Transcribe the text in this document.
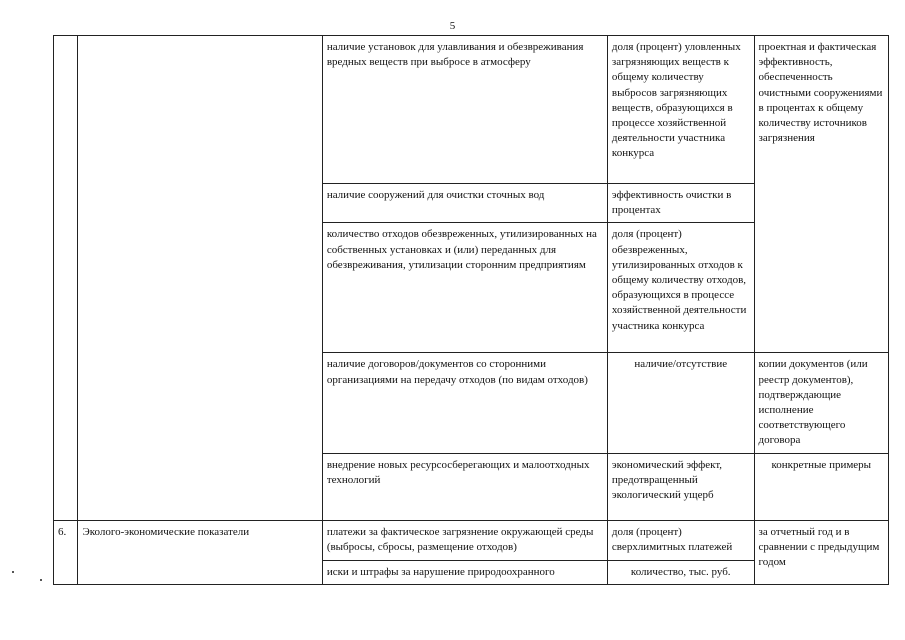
5
		наличие установок для улавливания и обезвреживания вредных веществ при выбросе в атмосферу	доля (процент) уловленных загрязняющих веществ к общему количеству выбросов загрязняющих веществ, образующихся в процессе хозяйственной деятельности участника конкурса	проектная и фактическая эффективность, обеспеченность очистными сооружениями в процентах к общему количеству источников загрязнения
		наличие сооружений для очистки сточных вод	эффективность очистки в процентах	
		количество отходов обезвреженных, утилизированных на собственных установках и (или) переданных для обезвреживания, утилизации сторонним предприятиям	доля (процент) обезвреженных, утилизированных отходов к общему количеству отходов, образующихся в процессе хозяйственной деятельности участника конкурса	
		наличие договоров/документов со сторонними организациями на передачу отходов (по видам отходов)	наличие/отсутствие	копии документов (или реестр документов), подтверждающие исполнение соответствующего договора
		внедрение новых ресурсосберегающих и малоотходных технологий	экономический эффект, предотвращенный экологический ущерб	конкретные примеры
6.	Эколого-экономические показатели	платежи за фактическое загрязнение окружающей среды (выбросы, сбросы, размещение отходов)	доля (процент) сверхлимитных платежей	за отчетный год и в сравнении с предыдущим годом
		иски и штрафы за нарушение природоохранного	количество, тыс. руб.	
